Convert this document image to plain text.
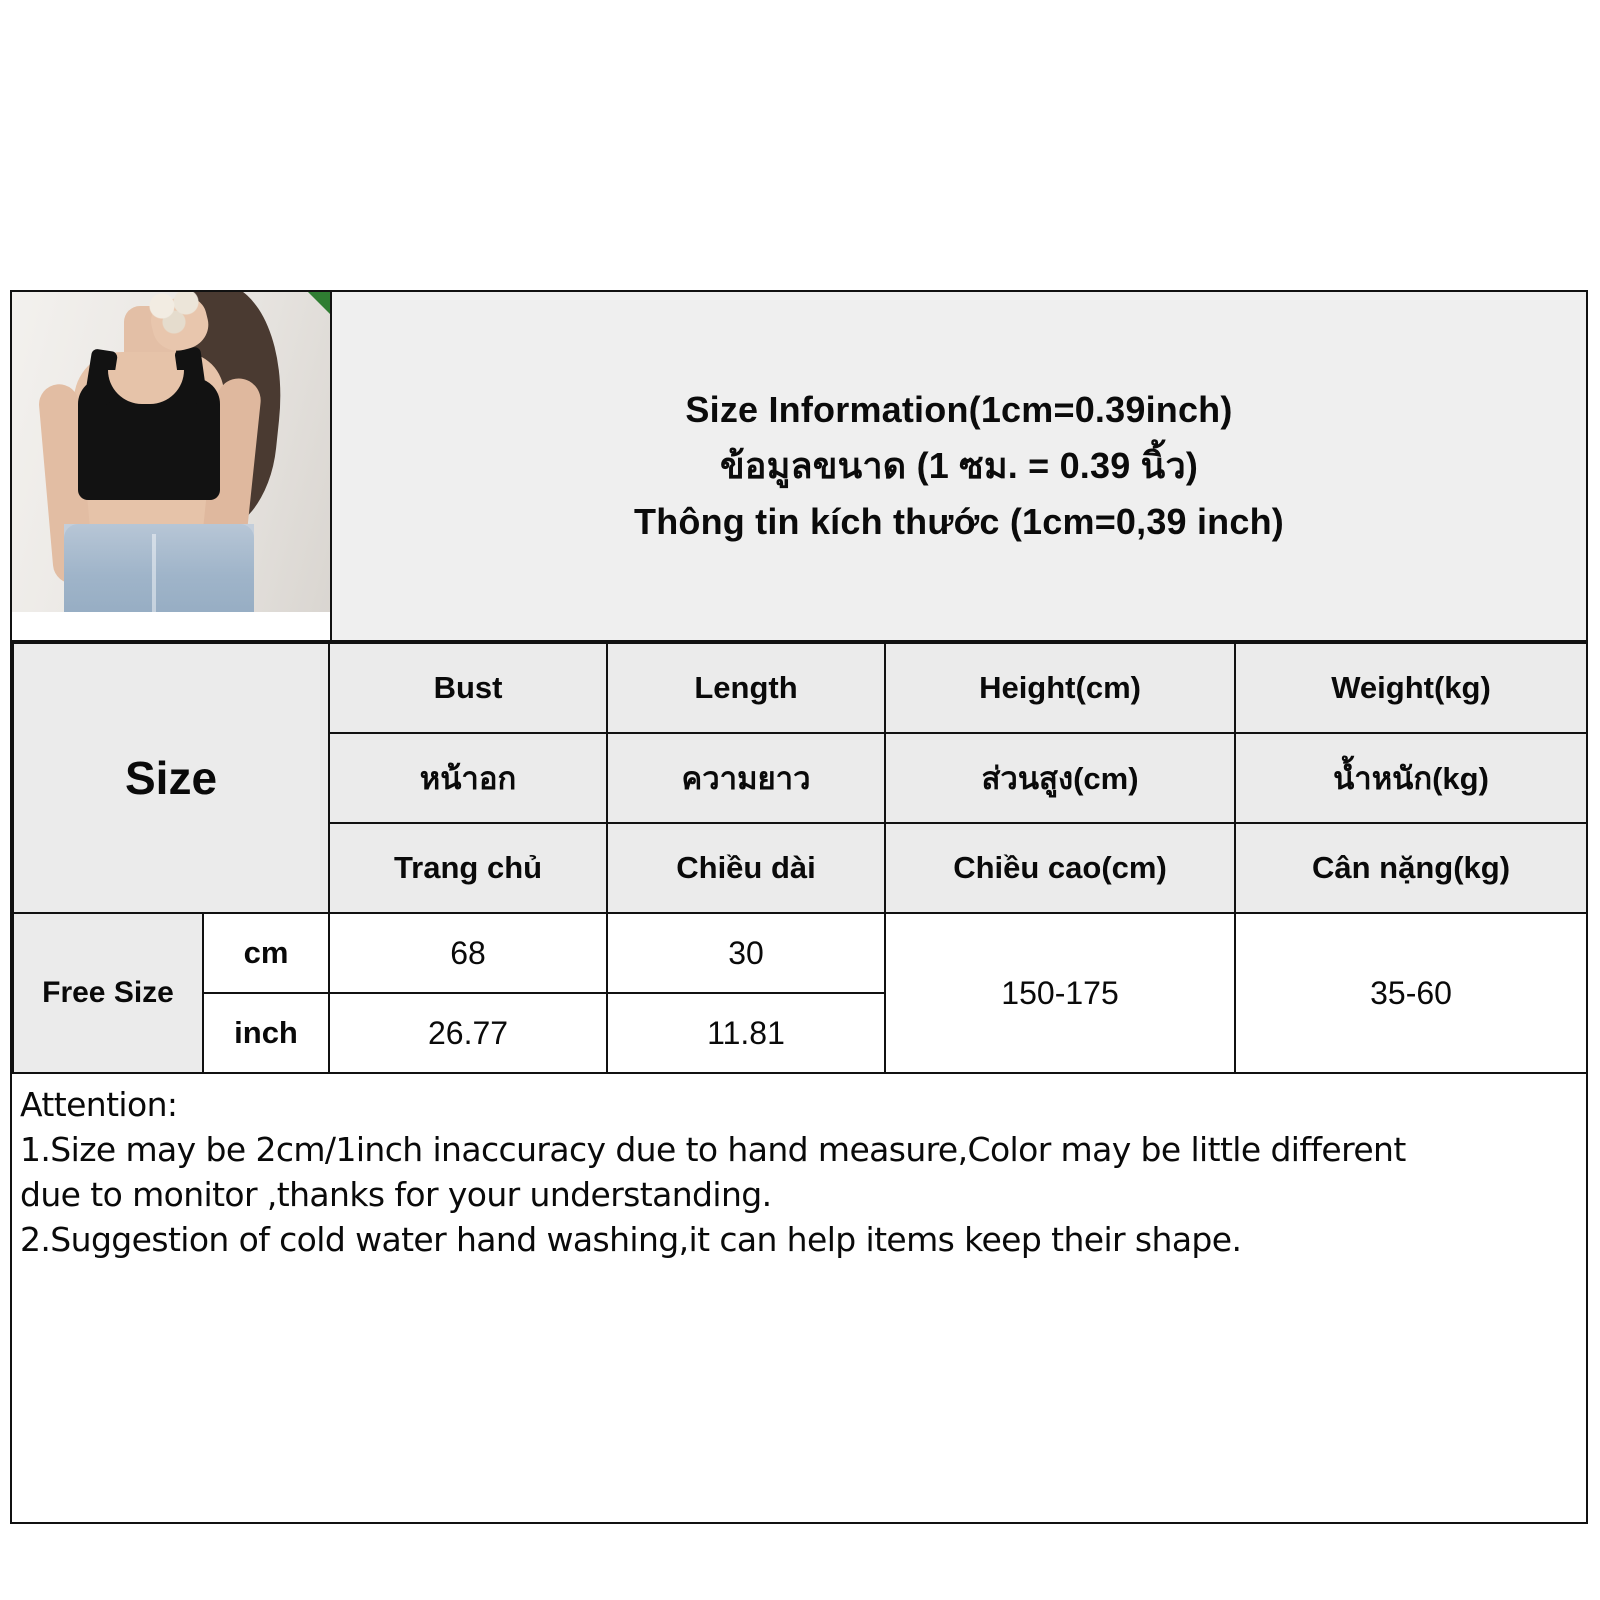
Size Information(1cm=0.39inch)
ข้อมูลขนาด (1 ซม. = 0.39 นิ้ว)
Thông tin kích thước (1cm=0,39 inch)
Size		Bust	Length	Height(cm)	Weight(kg)
		หน้าอก	ความยาว	ส่วนสูง(cm)	น้ำหนัก(kg)
		Trang chủ	Chiều dài	Chiều cao(cm)	Cân nặng(kg)
Free Size	cm	68	30	150-175	35-60
	inch	26.77	11.81		

Attention:

1.Size may be 2cm/1inch inaccuracy due to hand measure,Color may be little different

due to monitor ,thanks for your understanding.

2.Suggestion of cold water hand washing,it can help items keep their shape.
